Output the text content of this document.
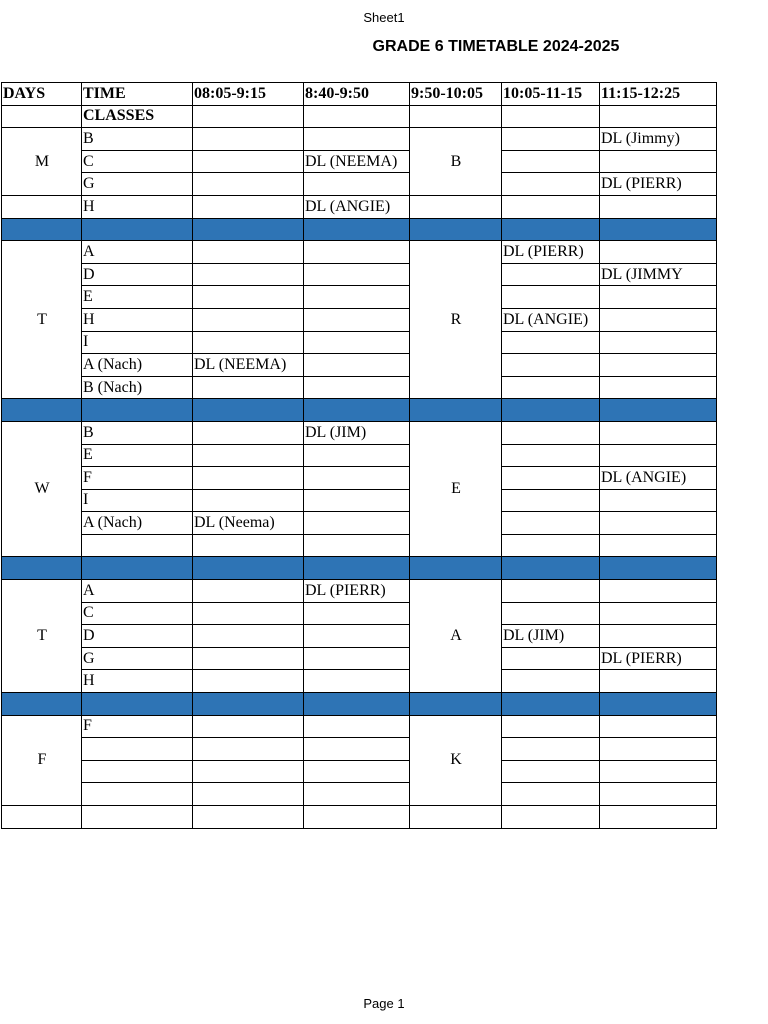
Sheet1
GRADE 6 TIMETABLE 2024-2025
DAYS	TIME	08:05-9:15	8:40-9:50	9:50-10:05	10:05-11-15	11:15-12:25
	CLASSES					
M	B			B		DL (Jimmy)
	C		DL (NEEMA)			
	G					DL (PIERR)
	H		DL (ANGIE)			

T	A			R	DL (PIERR)	
	D					DL (JIMMY
	E					
	H				DL (ANGIE)	
	I					
	A (Nach)	DL (NEEMA)				
	B (Nach)					

W	B		DL (JIM)	E		
	E					
	F					DL (ANGIE)
	I					
	A (Nach)	DL (Neema)				

T	A		DL (PIERR)	A		
	C					
	D				DL (JIM)	
	G					DL (PIERR)
	H					

F	F			K		

Page 1
